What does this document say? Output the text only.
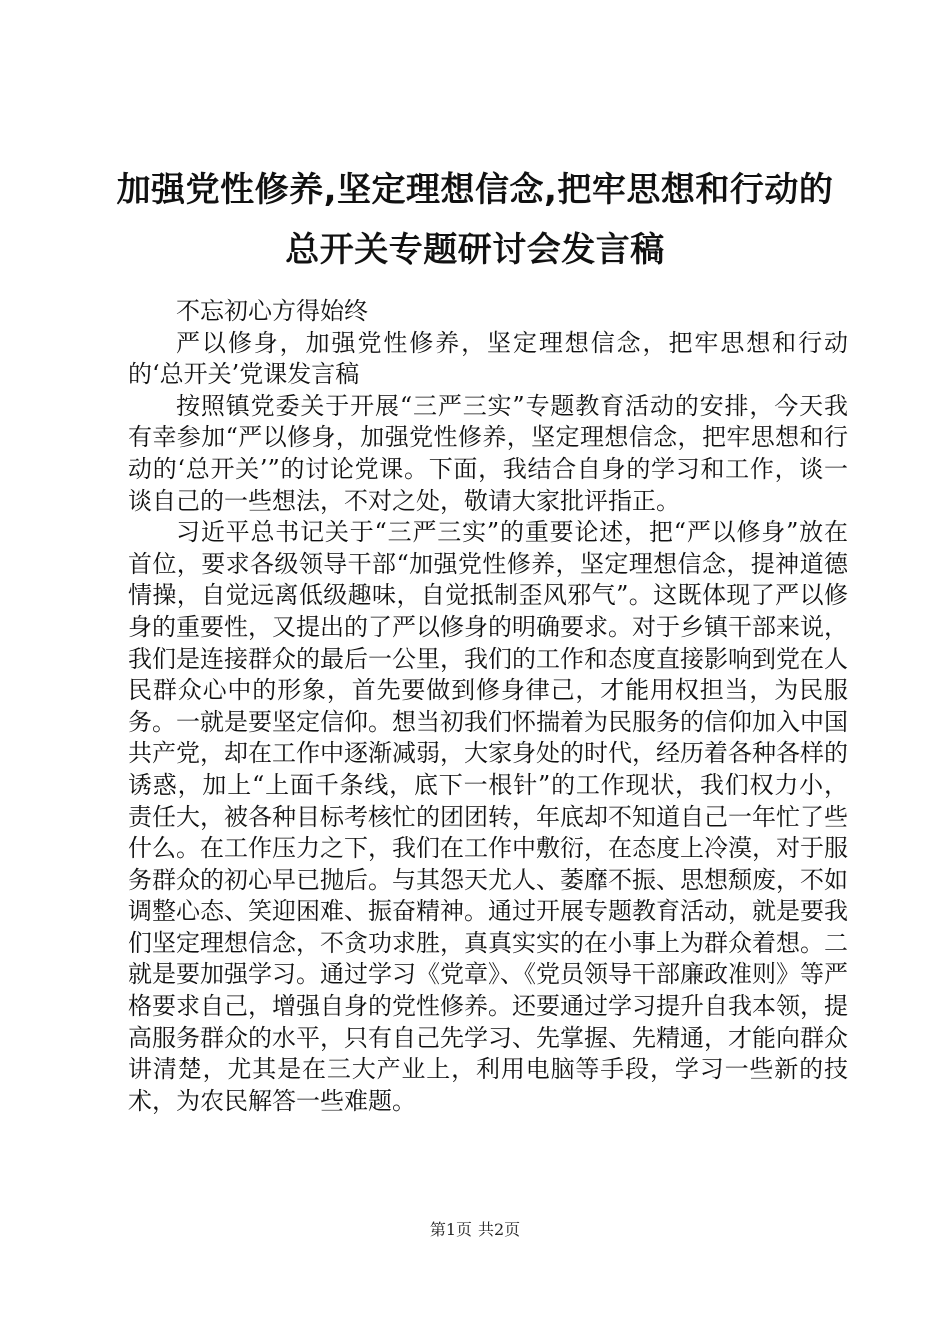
加强党性修养,坚定理想信念,把牢思想和行动的总开关专题研讨会发言稿

不忘初心方得始终

严以修身，加强党性修养，坚定理想信念，把牢思想和行动的‘总开关’党课发言稿

按照镇党委关于开展“三严三实”专题教育活动的安排，今天我有幸参加“严以修身，加强党性修养，坚定理想信念，把牢思想和行动的‘总开关’”的讨论党课。下面，我结合自身的学习和工作，谈一谈自己的一些想法，不对之处，敬请大家批评指正。

习近平总书记关于“三严三实”的重要论述，把“严以修身”放在首位，要求各级领导干部“加强党性修养，坚定理想信念，提神道德情操，自觉远离低级趣味，自觉抵制歪风邪气”。这既体现了严以修身的重要性，又提出的了严以修身的明确要求。对于乡镇干部来说，我们是连接群众的最后一公里，我们的工作和态度直接影响到党在人民群众心中的形象，首先要做到修身律己，才能用权担当，为民服务。一就是要坚定信仰。想当初我们怀揣着为民服务的信仰加入中国共产党，却在工作中逐渐减弱，大家身处的时代，经历着各种各样的诱惑，加上“上面千条线，底下一根针”的工作现状，我们权力小，责任大，被各种目标考核忙的团团转，年底却不知道自己一年忙了些什么。在工作压力之下，我们在工作中敷衍，在态度上冷漠，对于服务群众的初心早已抛后。与其怨天尤人、萎靡不振、思想颓废，不如调整心态、笑迎困难、振奋精神。通过开展专题教育活动，就是要我们坚定理想信念，不贪功求胜，真真实实的在小事上为群众着想。二就是要加强学习。通过学习《党章》、《党员领导干部廉政准则》等严格要求自己，增强自身的党性修养。还要通过学习提升自我本领，提高服务群众的水平，只有自己先学习、先掌握、先精通，才能向群众讲清楚，尤其是在三大产业上，利用电脑等手段，学习一些新的技术，为农民解答一些难题。

第1页 共2页
